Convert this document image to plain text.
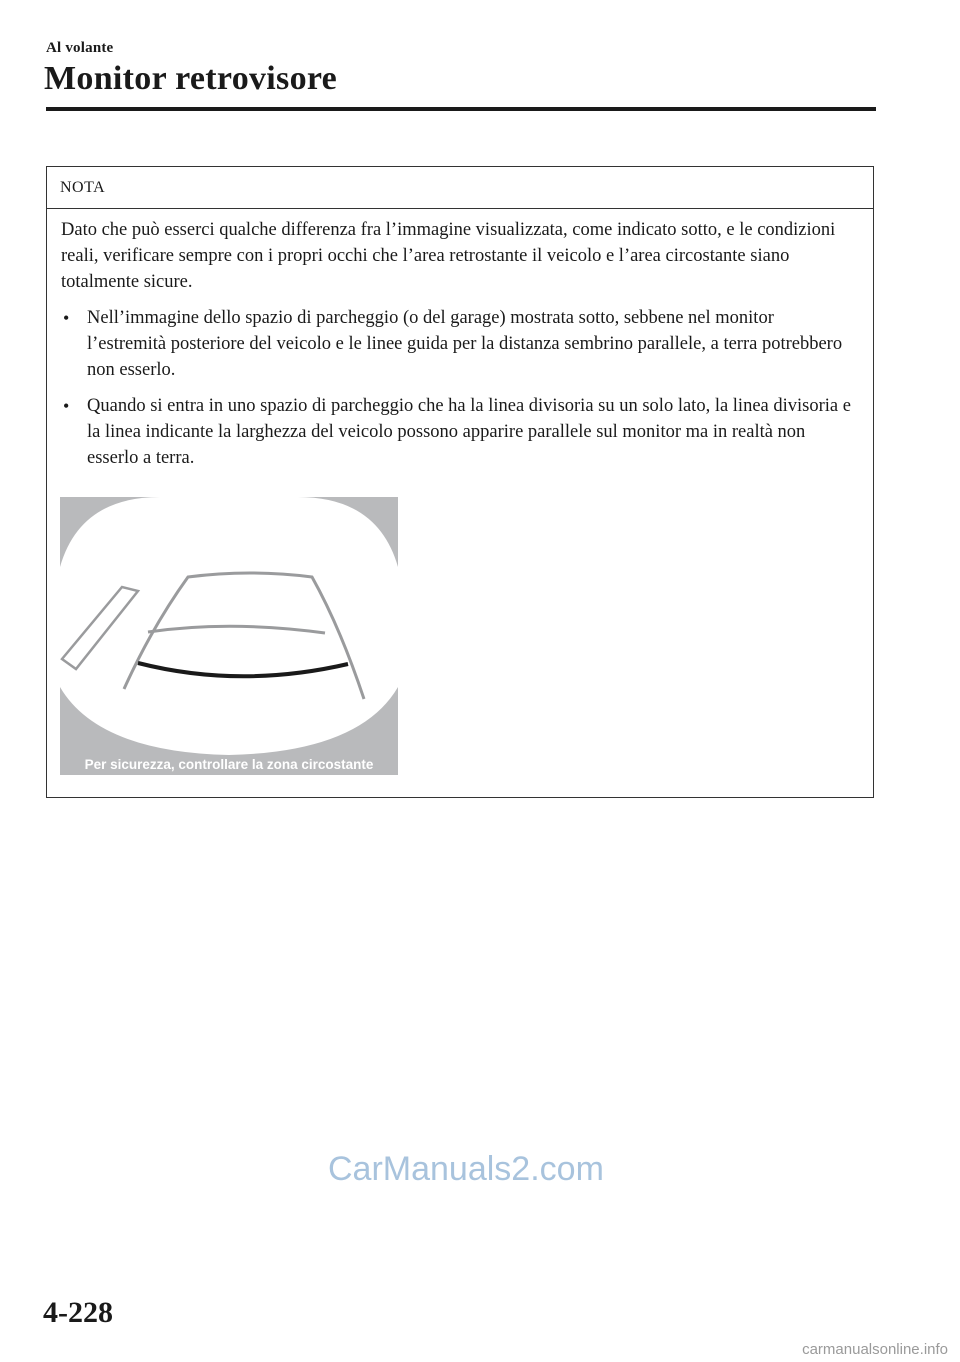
Al volante
Monitor retrovisore
NOTA

Dato che può esserci qualche differenza fra l’immagine visualizzata, come indicato sotto, e le condizioni reali, verificare sempre con i propri occhi che l’area retrostante il veicolo e l’area circostante siano totalmente sicure.

• Nell’immagine dello spazio di parcheggio (o del garage) mostrata sotto, sebbene nel monitor l’estremità posteriore del veicolo e le linee guida per la distanza sembrino parallele, a terra potrebbero non esserlo.

• Quando si entra in uno spazio di parcheggio che ha la linea divisoria su un solo lato, la linea divisoria e la linea indicante la larghezza del veicolo possono apparire parallele sul monitor ma in realtà non esserlo a terra.

Per sicurezza, controllare la zona circostante
CarManuals2.com
4-228
carmanualsonline.info
